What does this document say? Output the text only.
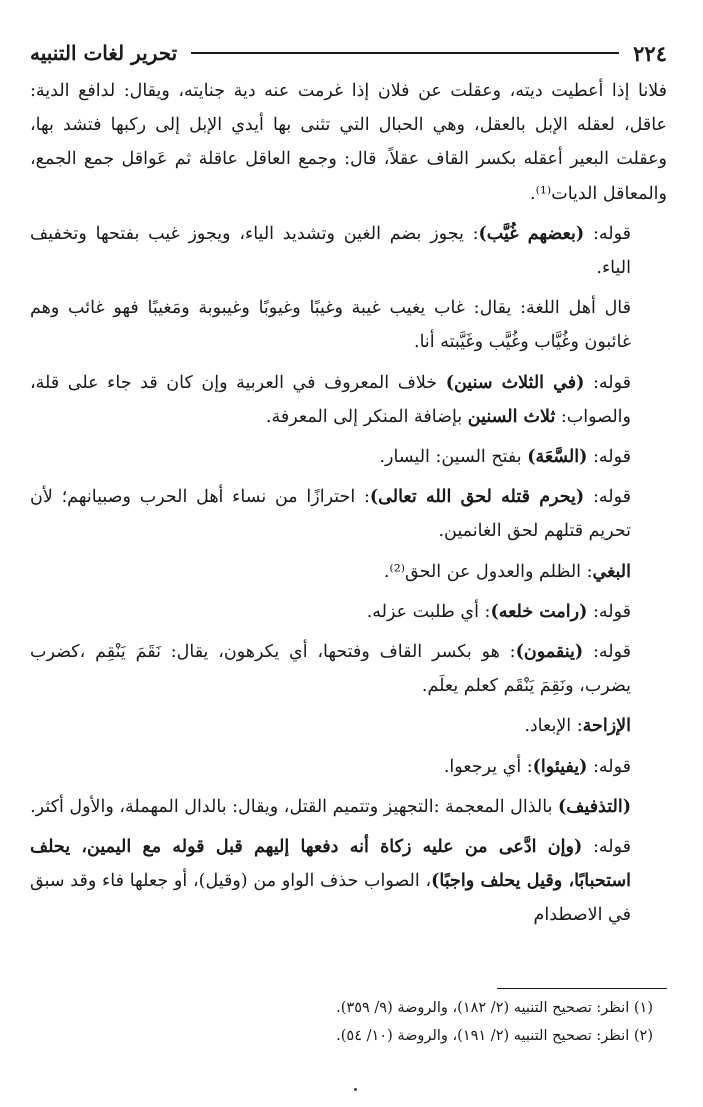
٢٢٤
تحرير لغات التنبيه

فلانا إذا أعطيت ديته، وعقلت عن فلان إذا غرمت عنه دية جنايته، ويقال: لدافع الدية: عاقل، لعقله الإبل بالعقل، وهي الحبال التي تثنى بها أيدي الإبل إلى ركبها فتشد بها، وعقلت البعير أعقله بكسر القاف عقلاً، قال: وجمع العاقل عاقلة ثم عَواقل جمع الجمع، والمعاقل الديات⁽¹⁾.

قوله: (بعضهم غُيَّب): يجوز بضم الغين وتشديد الياء، ويجوز غيب بفتحها وتخفيف الياء.

قال أهل اللغة: يقال: غاب يغيب غيبة وغيبًا وغيوبًا وغيبوبة ومَغيبًا فهو غائب وهم غائبون وغُيَّاب وغُيَّب وغَيَّبته أنا.

قوله: (في الثلاث سنين) خلاف المعروف في العربية وإن كان قد جاء على قلة، والصواب: ثلاث السنين بإضافة المنكر إلى المعرفة.

قوله: (السَّعَة) بفتح السين: اليسار.

قوله: (يحرم قتله لحق الله تعالى): احترازًا من نساء أهل الحرب وصبيانهم؛ لأن تحريم قتلهم لحق الغانمين.

البغي: الظلم والعدول عن الحق⁽²⁾.

قوله: (رامت خلعه): أي طلبت عزله.

قوله: (ينقمون): هو بكسر القاف وفتحها، أي يكرهون، يقال: نَقَمَ يَنْقِم ،كضرب يضرب، ونَقِمَ يَنْقَم كعلم يعلَم.

الإزاحة: الإبعاد.

قوله: (يفيئوا): أي يرجعوا.

(التذفيف) بالذال المعجمة :التجهيز وتتميم القتل، ويقال: بالدال المهملة، والأول أكثر.

قوله: (وإن ادَّعى من عليه زكاة أنه دفعها إليهم قبل قوله مع اليمين، يحلف استحبابًا، وقيل يحلف واجبًا)، الصواب حذف الواو من (وقيل)، أو جعلها فاء وقد سبق في الاصطدام

(١) انظر: تصحيح التنبيه (٢/ ١٨٢)، والروضة (٩/ ٣٥٩).

(٢) انظر: تصحيح التنبيه (٢/ ١٩١)، والروضة (١٠/ ٥٤).
